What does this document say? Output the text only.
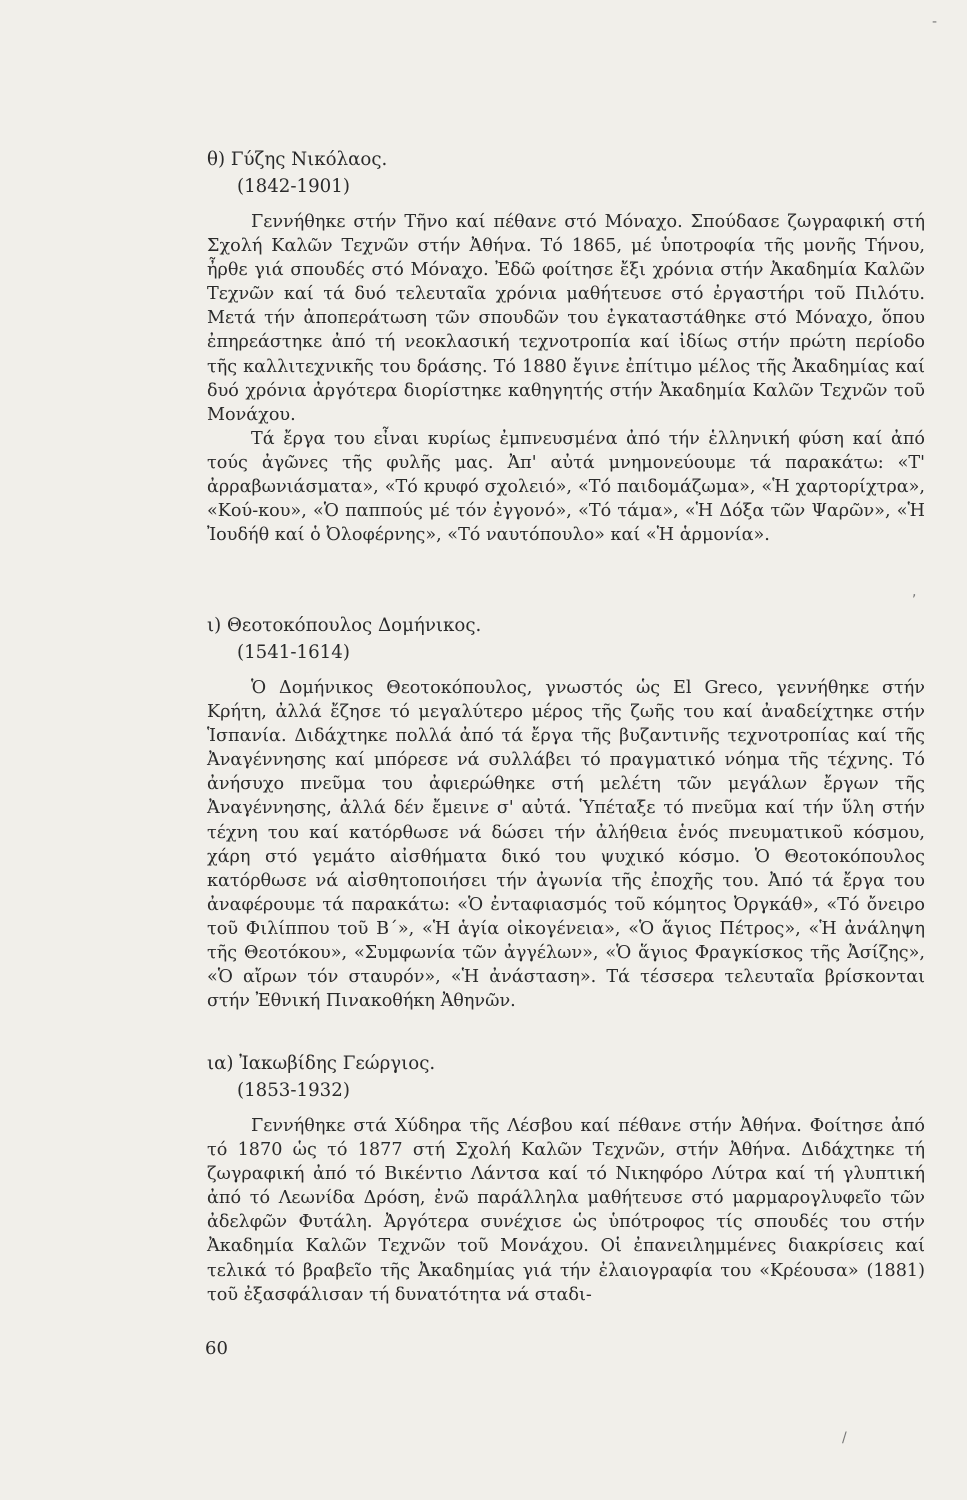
θ) Γύζης Νικόλαος.
(1842-1901)

Γεννήθηκε στήν Τῆνο καί πέθανε στό Μόναχο. Σπούδασε ζωγραφική στή Σχολή Καλῶν Τεχνῶν στήν Ἀθήνα. Τό 1865, μέ ὑποτροφία τῆς μονῆς Τήνου, ἦρθε γιά σπουδές στό Μόναχο. Ἐδῶ φοίτησε ἔξι χρόνια στήν Ἀκαδημία Καλῶν Τεχνῶν καί τά δυό τελευταῖα χρόνια μαθήτευσε στό ἐργαστήρι τοῦ Πιλότυ. Μετά τήν ἀποπεράτωση τῶν σπουδῶν του ἐγκαταστάθηκε στό Μόναχο, ὅπου ἐπηρεάστηκε ἀπό τή νεοκλασική τεχνοτροπία καί ἰδίως στήν πρώτη περίοδο τῆς καλλιτεχνικῆς του δράσης. Τό 1880 ἔγινε ἐπίτιμο μέλος τῆς Ἀκαδημίας καί δυό χρόνια ἀργότερα διορίστηκε καθηγητής στήν Ἀκαδημία Καλῶν Τεχνῶν τοῦ Μονάχου.

Τά ἔργα του εἶναι κυρίως ἐμπνευσμένα ἀπό τήν ἑλληνική φύση καί ἀπό τούς ἀγῶνες τῆς φυλῆς μας. Ἀπ' αὐτά μνημονεύουμε τά παρακάτω: «Τ' ἀρραβωνιάσματα», «Τό κρυφό σχολειό», «Τό παιδομάζωμα», «Ἡ χαρτορίχτρα», «Κού-κου», «Ὁ παππούς μέ τόν ἐγγονό», «Τό τάμα», «Ἡ Δόξα τῶν Ψαρῶν», «Ἡ Ἰουδήθ καί ὁ Ὀλοφέρνης», «Τό ναυτόπουλο» καί «Ἡ ἁρμονία».

ι) Θεοτοκόπουλος Δομήνικος.
(1541-1614)

Ὁ Δομήνικος Θεοτοκόπουλος, γνωστός ὡς El Greco, γεννήθηκε στήν Κρήτη, ἀλλά ἔζησε τό μεγαλύτερο μέρος τῆς ζωῆς του καί ἀναδείχτηκε στήν Ἱσπανία. Διδάχτηκε πολλά ἀπό τά ἔργα τῆς βυζαντινῆς τεχνοτροπίας καί τῆς Ἀναγέννησης καί μπόρεσε νά συλλάβει τό πραγματικό νόημα τῆς τέχνης. Τό ἀνήσυχο πνεῦμα του ἀφιερώθηκε στή μελέτη τῶν μεγάλων ἔργων τῆς Ἀναγέννησης, ἀλλά δέν ἔμεινε σ' αὐτά. Ὑπέταξε τό πνεῦμα καί τήν ὕλη στήν τέχνη του καί κατόρθωσε νά δώσει τήν ἀλήθεια ἑνός πνευματικοῦ κόσμου, χάρη στό γεμάτο αἰσθήματα δικό του ψυχικό κόσμο. Ὁ Θεοτοκόπουλος κατόρθωσε νά αἰσθητοποιήσει τήν ἀγωνία τῆς ἐποχῆς του. Ἀπό τά ἔργα του ἀναφέρουμε τά παρακάτω: «Ὁ ἐνταφιασμός τοῦ κόμητος Ὀργκάθ», «Τό ὄνειρο τοῦ Φιλίππου τοῦ Β΄», «Ἡ ἁγία οἰκογένεια», «Ὁ ἅγιος Πέτρος», «Ἡ ἀνάληψη τῆς Θεοτόκου», «Συμφωνία τῶν ἀγγέλων», «Ὁ ἅγιος Φραγκίσκος τῆς Ἀσίζης», «Ὁ αἴρων τόν σταυρόν», «Ἡ ἀνάσταση». Τά τέσσερα τελευταῖα βρίσκονται στήν Ἐθνική Πινακοθήκη Ἀθηνῶν.

ια) Ἰακωβίδης Γεώργιος.
(1853-1932)

Γεννήθηκε στά Χύδηρα τῆς Λέσβου καί πέθανε στήν Ἀθήνα. Φοίτησε ἀπό τό 1870 ὡς τό 1877 στή Σχολή Καλῶν Τεχνῶν, στήν Ἀθήνα. Διδάχτηκε τή ζωγραφική ἀπό τό Βικέντιο Λάντσα καί τό Νικηφόρο Λύτρα καί τή γλυπτική ἀπό τό Λεωνίδα Δρόση, ἐνῶ παράλληλα μαθήτευσε στό μαρμαρογλυφεῖο τῶν ἀδελφῶν Φυτάλη. Ἀργότερα συνέχισε ὡς ὑπότροφος τίς σπουδές του στήν Ἀκαδημία Καλῶν Τεχνῶν τοῦ Μονάχου. Οἱ ἐπανειλημμένες διακρίσεις καί τελικά τό βραβεῖο τῆς Ἀκαδημίας γιά τήν ἐλαιογραφία του «Κρέουσα» (1881) τοῦ ἐξασφάλισαν τή δυνατότητα νά σταδι-

60
,
-
/
